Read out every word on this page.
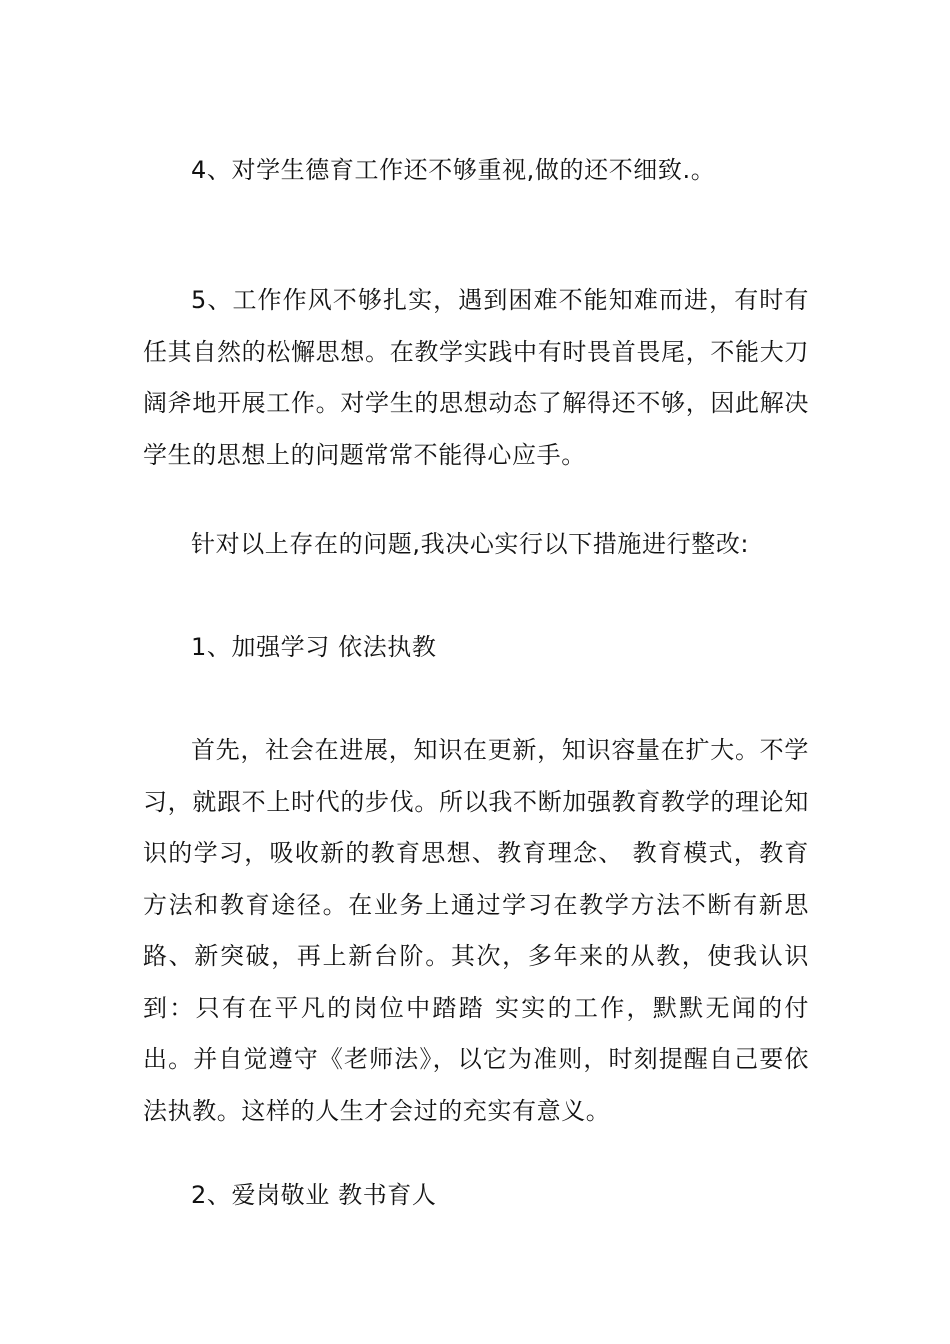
4、对学生德育工作还不够重视,做的还不细致.。

5、工作作风不够扎实，遇到困难不能知难而进，有时有任其自然的松懈思想。在教学实践中有时畏首畏尾，不能大刀阔斧地开展工作。对学生的思想动态了解得还不够，因此解决学生的思想上的问题常常不能得心应手。

针对以上存在的问题,我决心实行以下措施进行整改:

1、加强学习 依法执教

首先，社会在进展，知识在更新，知识容量在扩大。不学习，就跟不上时代的步伐。所以我不断加强教育教学的理论知识的学习，吸收新的教育思想、教育理念、 教育模式，教育方法和教育途径。在业务上通过学习在教学方法不断有新思路、新突破，再上新台阶。其次，多年来的从教，使我认识到：只有在平凡的岗位中踏踏 实实的工作，默默无闻的付出。并自觉遵守《老师法》，以它为准则，时刻提醒自己要依法执教。这样的人生才会过的充实有意义。

2、爱岗敬业 教书育人
